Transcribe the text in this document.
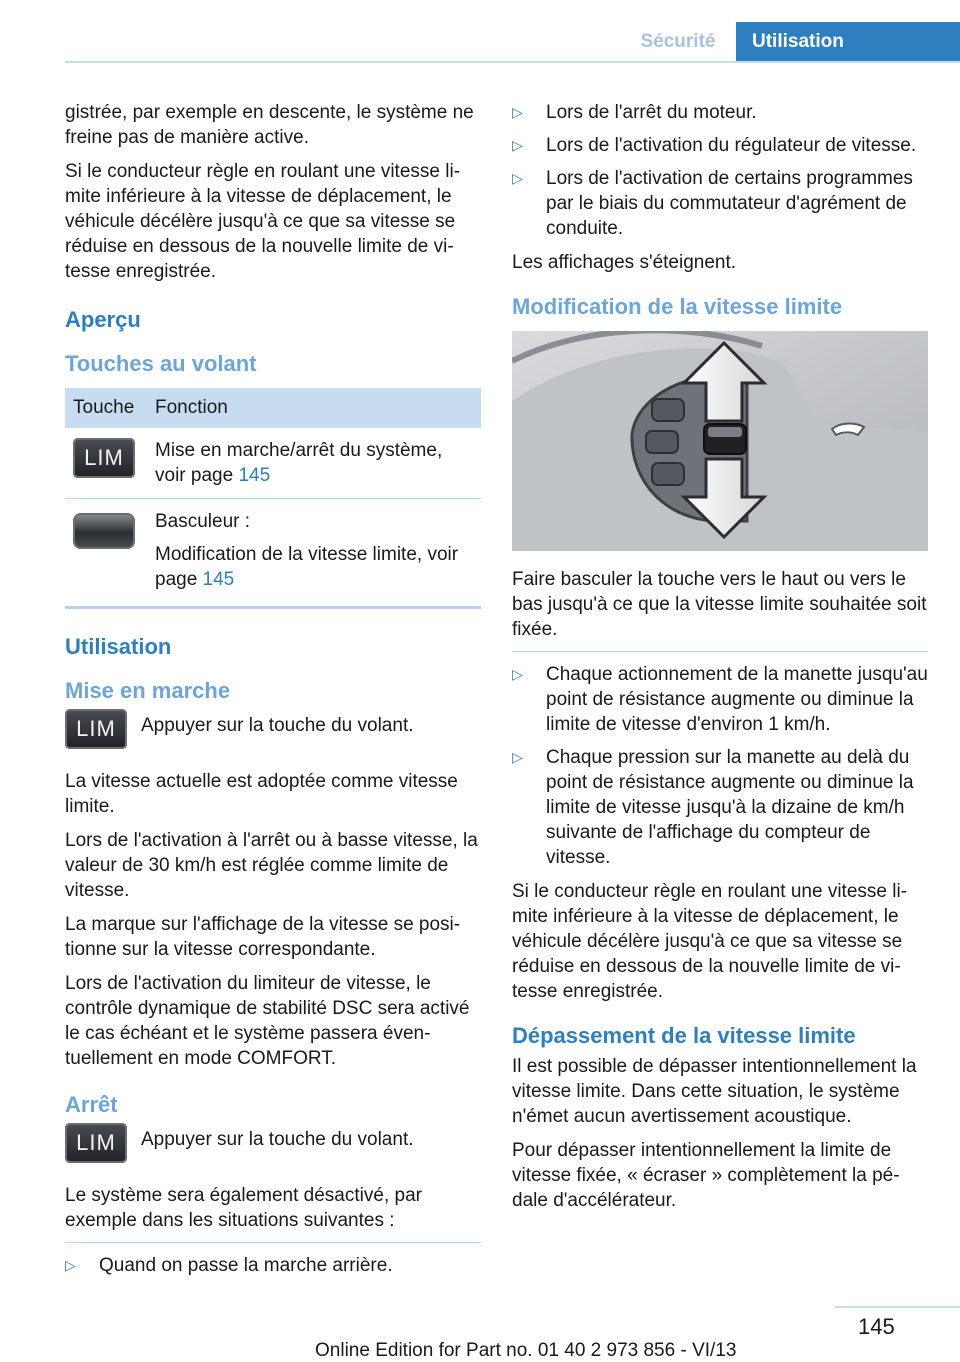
Sécurité	Utilisation

gistrée, par exemple en descente, le système ne freine pas de manière active.

Si le conducteur règle en roulant une vitesse limite inférieure à la vitesse de déplacement, le véhicule décélère jusqu'à ce que sa vitesse se réduise en dessous de la nouvelle limite de vitesse enregistrée.

Aperçu
Touches au volant
Touche	Fonction

LIM	Mise en marche/arrêt du système, voir page 145

	Basculeur :

Modification de la vitesse limite, voir page 145
Utilisation
Mise en marche
LIM	Appuyer sur la touche du volant.

La vitesse actuelle est adoptée comme vitesse limite.

Lors de l'activation à l'arrêt ou à basse vitesse, la valeur de 30 km/h est réglée comme limite de vitesse.

La marque sur l'affichage de la vitesse se positionne sur la vitesse correspondante.

Lors de l'activation du limiteur de vitesse, le contrôle dynamique de stabilité DSC sera activé le cas échéant et le système passera éventuellement en mode COMFORT.

Arrêt
LIM	Appuyer sur la touche du volant.

Le système sera également désactivé, par exemple dans les situations suivantes :

▷ Quand on passe la marche arrière.
▷ Lors de l'arrêt du moteur.
▷ Lors de l'activation du régulateur de vitesse.
▷ Lors de l'activation de certains programmes par le biais du commutateur d'agrément de conduite.

Les affichages s'éteignent.

Modification de la vitesse limite

Faire basculer la touche vers le haut ou vers le bas jusqu'à ce que la vitesse limite souhaitée soit fixée.

▷ Chaque actionnement de la manette jusqu'au point de résistance augmente ou diminue la limite de vitesse d'environ 1 km/h.
▷ Chaque pression sur la manette au delà du point de résistance augmente ou diminue la limite de vitesse jusqu'à la dizaine de km/h suivante de l'affichage du compteur de vitesse.

Si le conducteur règle en roulant une vitesse limite inférieure à la vitesse de déplacement, le véhicule décélère jusqu'à ce que sa vitesse se réduise en dessous de la nouvelle limite de vitesse enregistrée.

Dépassement de la vitesse limite

Il est possible de dépasser intentionnellement la vitesse limite. Dans cette situation, le système n'émet aucun avertissement acoustique.

Pour dépasser intentionnellement la limite de vitesse fixée, « écraser » complètement la pédale d'accélérateur.

145
Online Edition for Part no. 01 40 2 973 856 - VI/13
